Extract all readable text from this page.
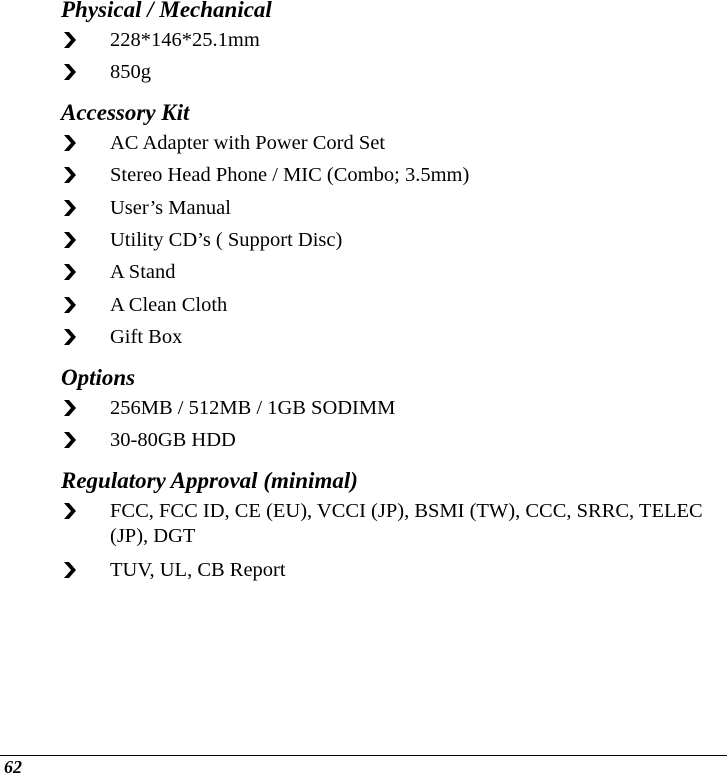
Physical / Mechanical
228*146*25.1mm
850g
Accessory Kit
AC Adapter with Power Cord Set
Stereo Head Phone / MIC (Combo; 3.5mm)
User’s Manual
Utility CD’s ( Support Disc)
A Stand
A Clean Cloth
Gift Box
Options
256MB / 512MB / 1GB SODIMM
30-80GB HDD
Regulatory Approval (minimal)
FCC, FCC ID, CE (EU), VCCI (JP), BSMI (TW), CCC, SRRC, TELEC (JP), DGT
TUV, UL, CB Report
62
